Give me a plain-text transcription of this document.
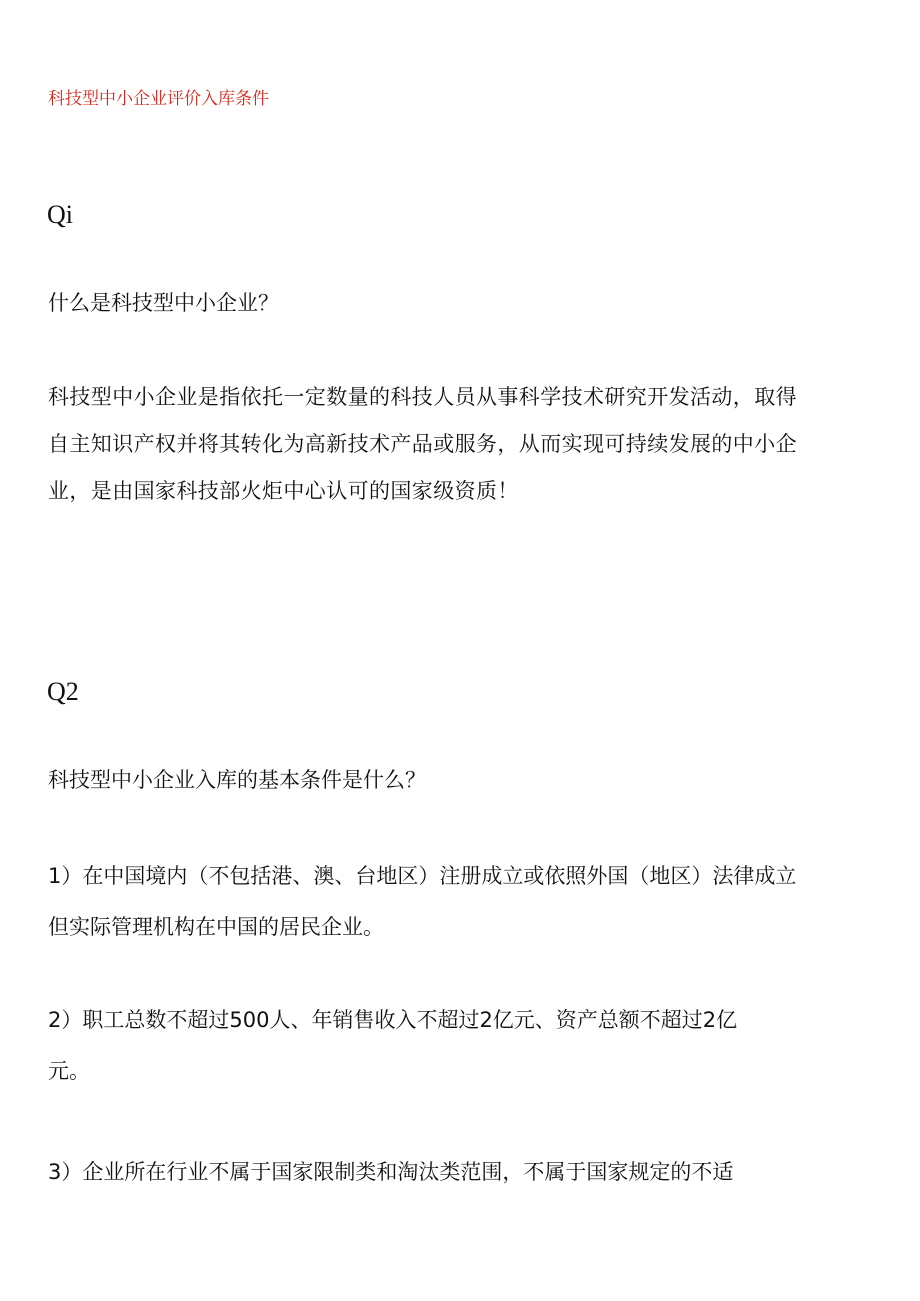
科技型中小企业评价入库条件
Qi
什么是科技型中小企业？
科技型中小企业是指依托一定数量的科技人员从事科学技术研究开发活动，取得
自主知识产权并将其转化为高新技术产品或服务，从而实现可持续发展的中小企
业，是由国家科技部火炬中心认可的国家级资质！
Q2
科技型中小企业入库的基本条件是什么？
1）在中国境内（不包括港、澳、台地区）注册成立或依照外国（地区）法律成立
但实际管理机构在中国的居民企业。
2）职工总数不超过500人、年销售收入不超过2亿元、资产总额不超过2亿
元。
3）企业所在行业不属于国家限制类和淘汰类范围，不属于国家规定的不适
